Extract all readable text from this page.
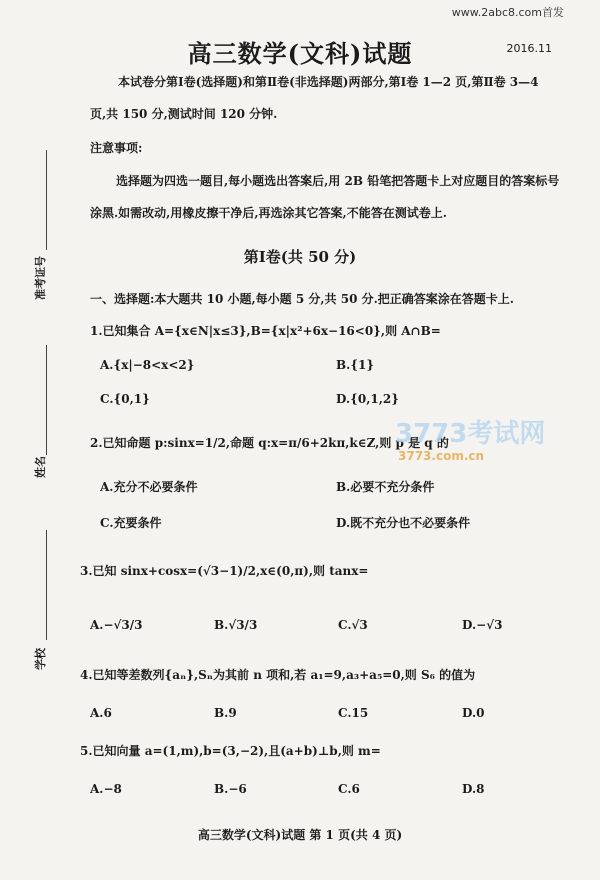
www.2abc8.com首发
高三数学(文科)试题	2016.11
本试卷分第Ⅰ卷(选择题)和第Ⅱ卷(非选择题)两部分,第Ⅰ卷 1—2 页,第Ⅱ卷 3—4
页,共 150 分,测试时间 120 分钟.
注意事项:
选择题为四选一题目,每小题选出答案后,用 2B 铅笔把答题卡上对应题目的答案标号
涂黑.如需改动,用橡皮擦干净后,再选涂其它答案,不能答在测试卷上.
第Ⅰ卷(共 50 分)
一、选择题:本大题共 10 小题,每小题 5 分,共 50 分.把正确答案涂在答题卡上.
1.已知集合 A={x∈N|x≤3},B={x|x²+6x−16<0},则 A∩B=
A.{x|−8<x<2}	B.{1}
C.{0,1}	D.{0,1,2}
2.已知命题 p:sinx=1/2,命题 q:x=π/6+2kπ,k∈Z,则 p 是 q 的
A.充分不必要条件	B.必要不充分条件
C.充要条件	D.既不充分也不必要条件
3.已知 sinx+cosx=(√3−1)/2,x∈(0,π),则 tanx=
A.−√3/3	B.√3/3	C.√3	D.−√3
4.已知等差数列{aₙ},Sₙ为其前 n 项和,若 a₁=9,a₃+a₅=0,则 S₆ 的值为
A.6	B.9	C.15	D.0
5.已知向量 a=(1,m),b=(3,−2),且(a+b)⊥b,则 m=
A.−8	B.−6	C.6	D.8
准考证号
姓名
学校
3773考试网
3773.com.cn
高三数学(文科)试题 第 1 页(共 4 页)
